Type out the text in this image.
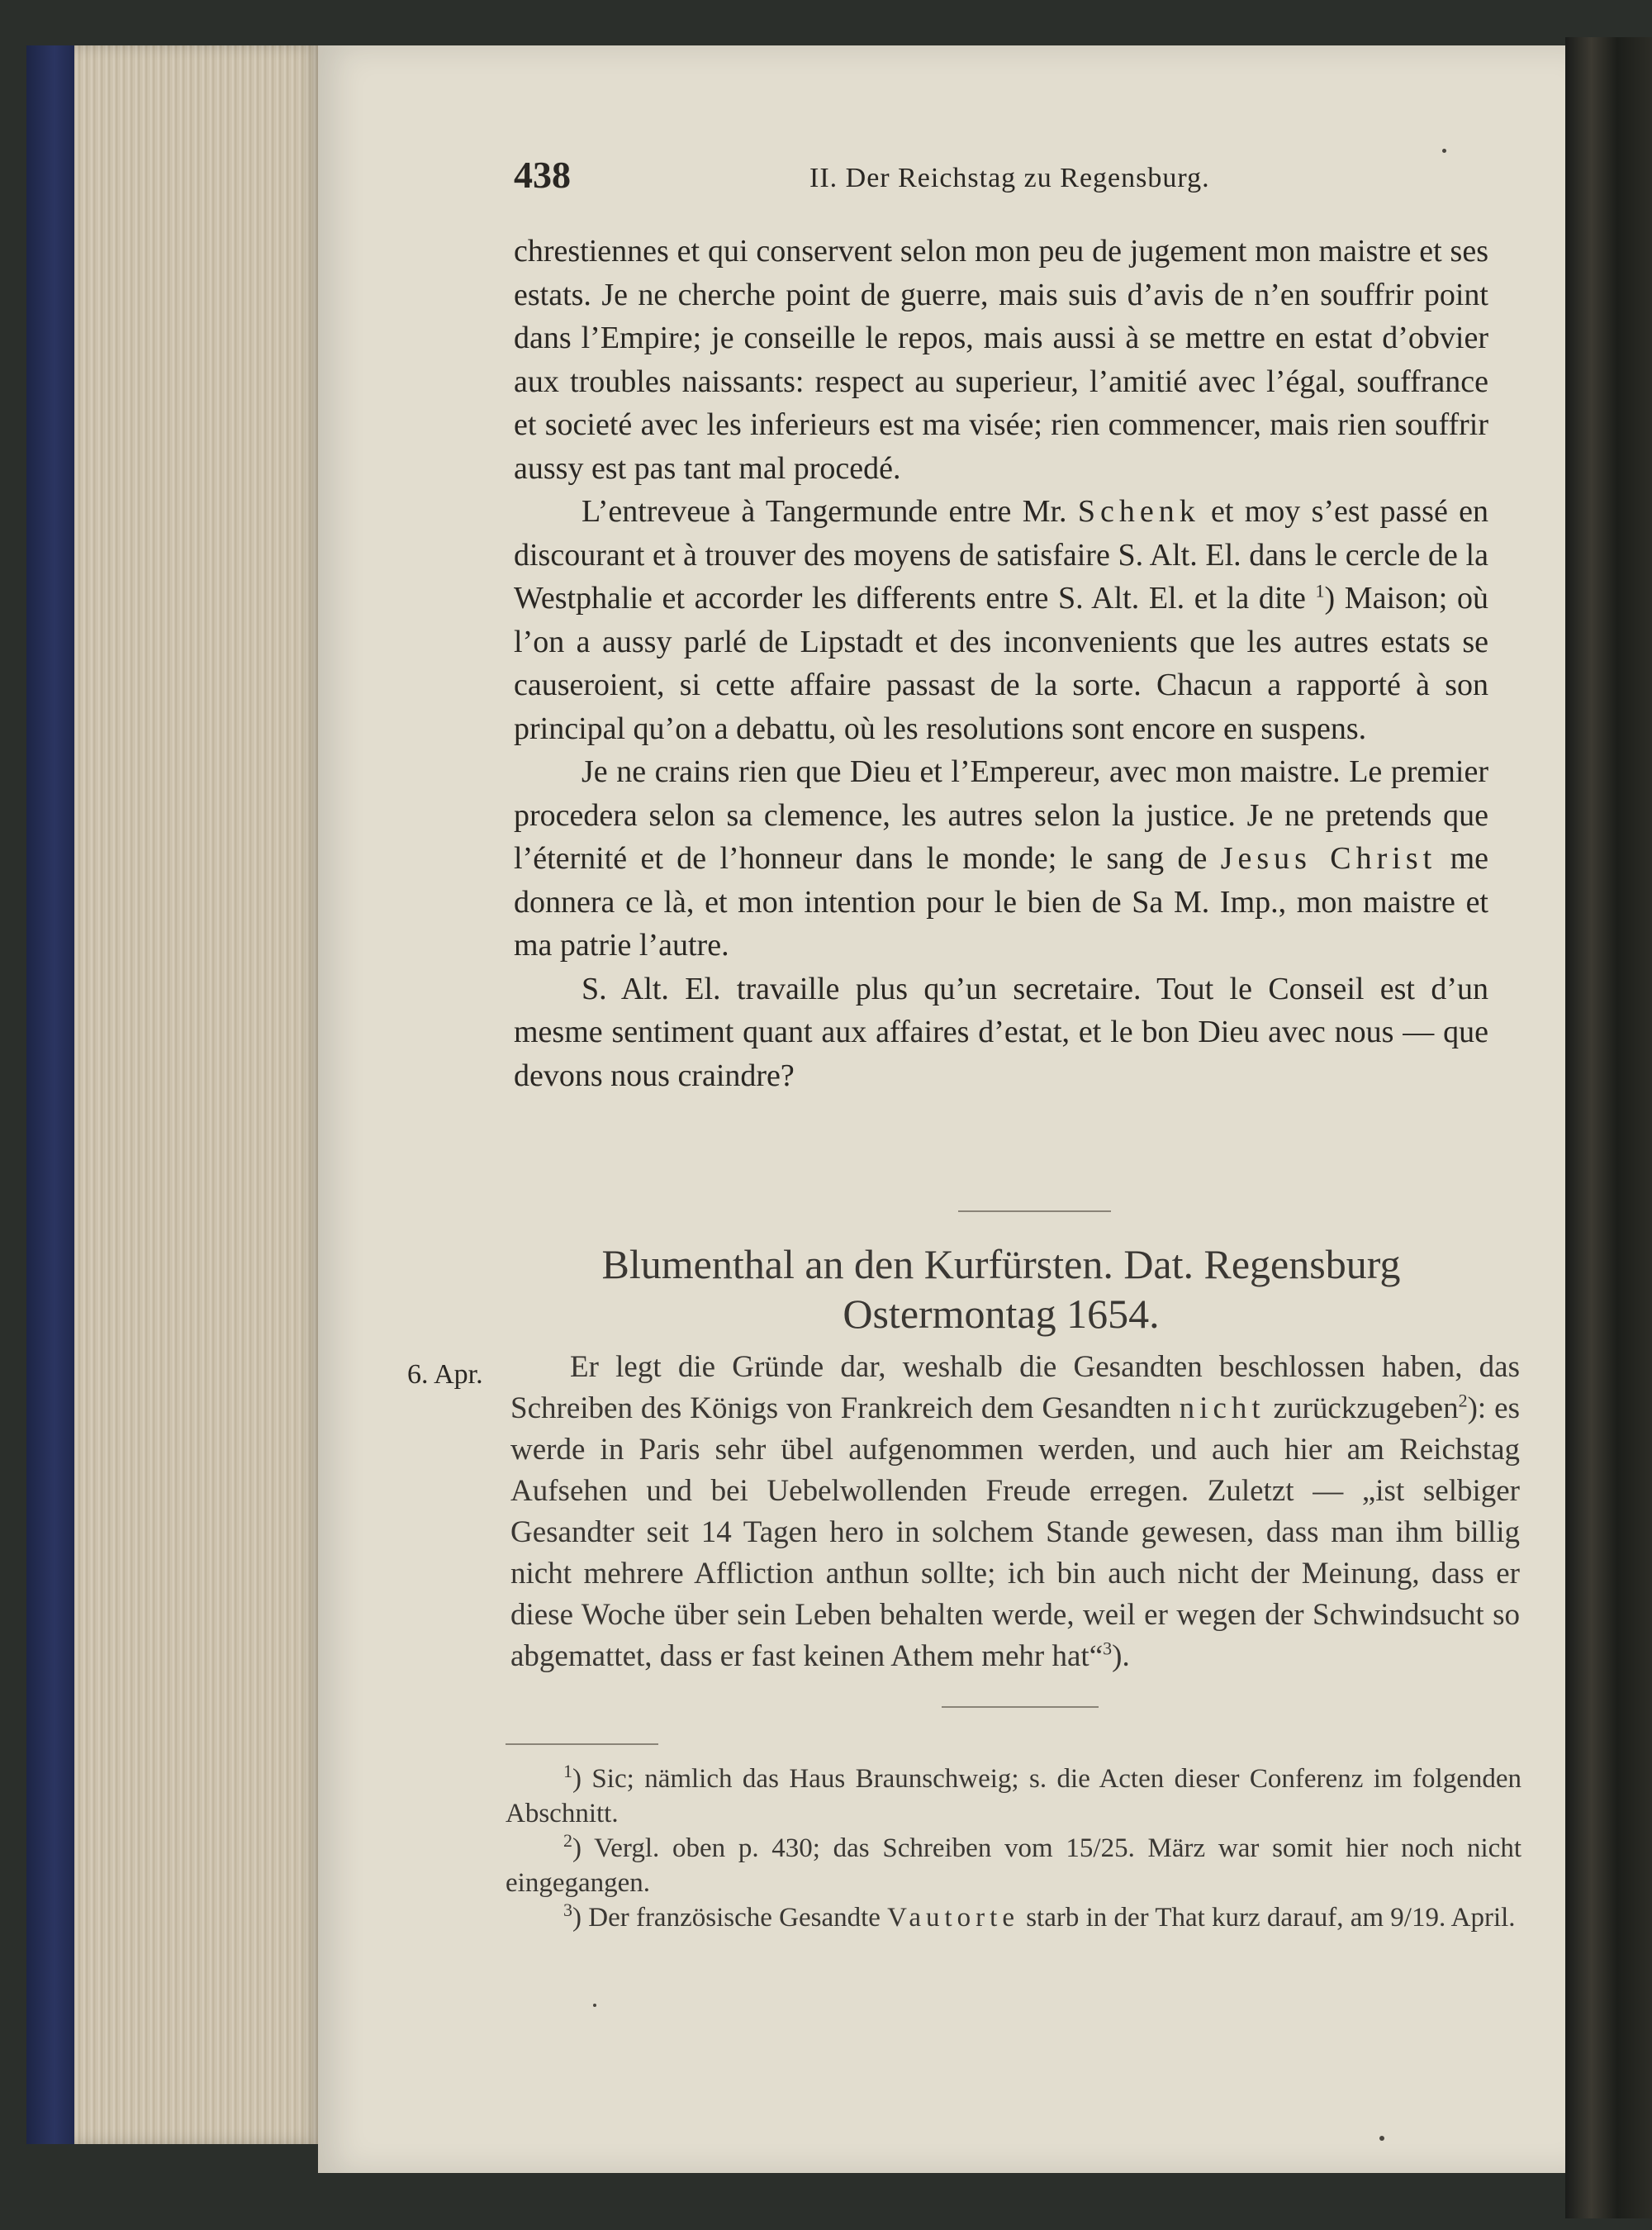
438	II. Der Reichstag zu Regensburg.

chrestiennes et qui conservent selon mon peu de jugement mon maistre et ses estats. Je ne cherche point de guerre, mais suis d’avis de n’en souffrir point dans l’Empire; je conseille le repos, mais aussi à se mettre en estat d’obvier aux troubles naissants: respect au superieur, l’amitié avec l’égal, souffrance et societé avec les inferieurs est ma visée; rien commencer, mais rien souffrir aussy est pas tant mal procedé.

L’entreveue à Tangermunde entre Mr. Schenk et moy s’est passé en discourant et à trouver des moyens de satisfaire S. Alt. El. dans le cercle de la Westphalie et accorder les differents entre S. Alt. El. et la dite $^1$) Maison; où l’on a aussy parlé de Lipstadt et des inconvenients que les autres estats se causeroient, si cette affaire passast de la sorte. Chacun a rapporté à son principal qu’on a debattu, où les resolutions sont encore en suspens.

Je ne crains rien que Dieu et l’Empereur, avec mon maistre. Le premier procedera selon sa clemence, les autres selon la justice. Je ne pretends que l’éternité et de l’honneur dans le monde; le sang de Jesus Christ me donnera ce là, et mon intention pour le bien de Sa M. Imp., mon maistre et ma patrie l’autre.

S. Alt. El. travaille plus qu’un secretaire. Tout le Conseil est d’un mesme sentiment quant aux affaires d’estat, et le bon Dieu avec nous — que devons nous craindre?

Blumenthal an den Kurfürsten. Dat. Regensburg
Ostermontag 1654.
6. Apr.	Er legt die Gründe dar, weshalb die Gesandten beschlossen haben, das Schreiben des Königs von Frankreich dem Gesandten nicht zurückzugeben$^2$): es werde in Paris sehr übel aufgenommen werden, und auch hier am Reichstag Aufsehen und bei Uebelwollenden Freude erregen. Zuletzt — „ist selbiger Gesandter seit 14 Tagen hero in solchem Stande gewesen, dass man ihm billig nicht mehrere Affliction anthun sollte; ich bin auch nicht der Meinung, dass er diese Woche über sein Leben behalten werde, weil er wegen der Schwindsucht so abgemattet, dass er fast keinen Athem mehr hat“$^3$).

$^1$) Sic; nämlich das Haus Braunschweig; s. die Acten dieser Conferenz im folgenden Abschnitt.

$^2$) Vergl. oben p. 430; das Schreiben vom 15/25. März war somit hier noch nicht eingegangen.

$^3$) Der französische Gesandte Vautorte starb in der That kurz darauf, am 9/19. April.
